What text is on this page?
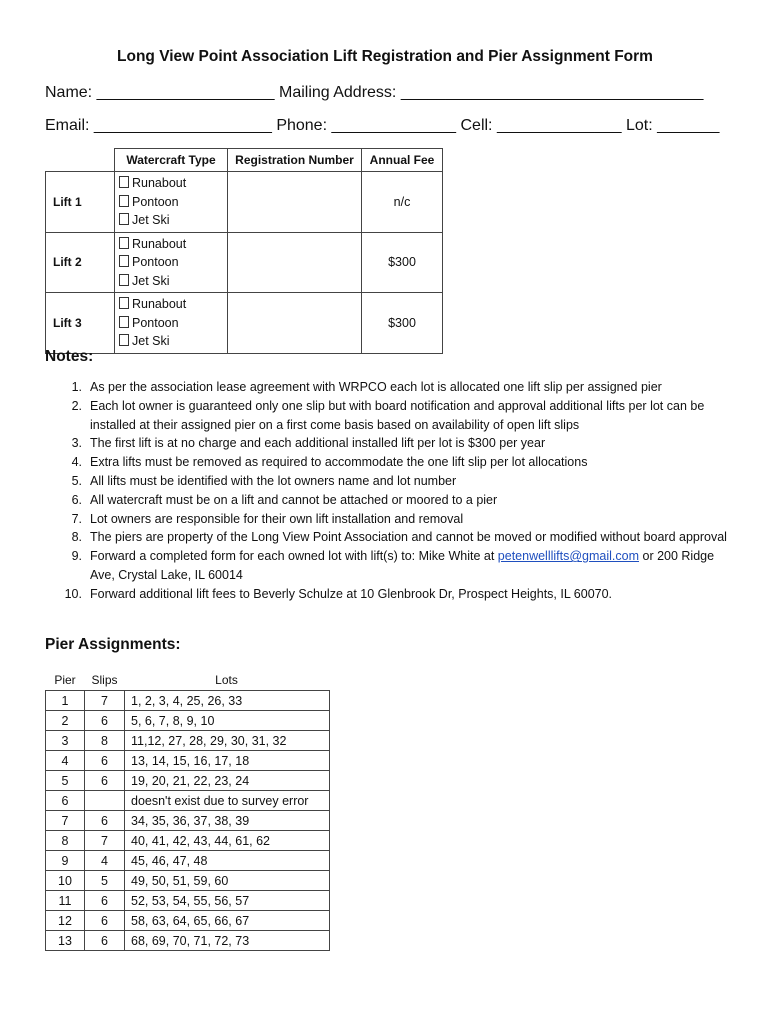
Long View Point Association Lift Registration and Pier Assignment Form
Name: ____________________ Mailing Address: __________________________________
Email: ____________________ Phone: ______________ Cell: ______________ Lot: _______
	Watercraft Type	Registration Number	Annual Fee
Lift 1	Runabout
Pontoon
Jet Ski		n/c
Lift 2	Runabout
Pontoon
Jet Ski		$300
Lift 3	Runabout
Pontoon
Jet Ski		$300
Notes:
1. As per the association lease agreement with WRPCO each lot is allocated one lift slip per assigned pier
2. Each lot owner is guaranteed only one slip but with board notification and approval additional lifts per lot can be installed at their assigned pier on a first come basis based on availability of open lift slips
3. The first lift is at no charge and each additional installed lift per lot is $300 per year
4. Extra lifts must be removed as required to accommodate the one lift slip per lot allocations
5. All lifts must be identified with the lot owners name and lot number
6. All watercraft must be on a lift and cannot be attached or moored to a pier
7. Lot owners are responsible for their own lift installation and removal
8. The piers are property of the Long View Point Association and cannot be moved or modified without board approval
9. Forward a completed form for each owned lot with lift(s) to: Mike White at petenwelllifts@gmail.com or 200 Ridge Ave, Crystal Lake, IL 60014
10. Forward additional lift fees to Beverly Schulze at 10 Glenbrook Dr, Prospect Heights, IL 60070.
Pier Assignments:
Pier	Slips	Lots
1	7	1, 2, 3, 4, 25, 26, 33
2	6	5, 6, 7, 8, 9, 10
3	8	11,12, 27, 28, 29, 30, 31, 32
4	6	13, 14, 15, 16, 17, 18
5	6	19, 20, 21, 22, 23, 24
6		doesn't exist due to survey error
7	6	34, 35, 36, 37, 38, 39
8	7	40, 41, 42, 43, 44, 61, 62
9	4	45, 46, 47, 48
10	5	49, 50, 51, 59, 60
11	6	52, 53, 54, 55, 56, 57
12	6	58, 63, 64, 65, 66, 67
13	6	68, 69, 70, 71, 72, 73
